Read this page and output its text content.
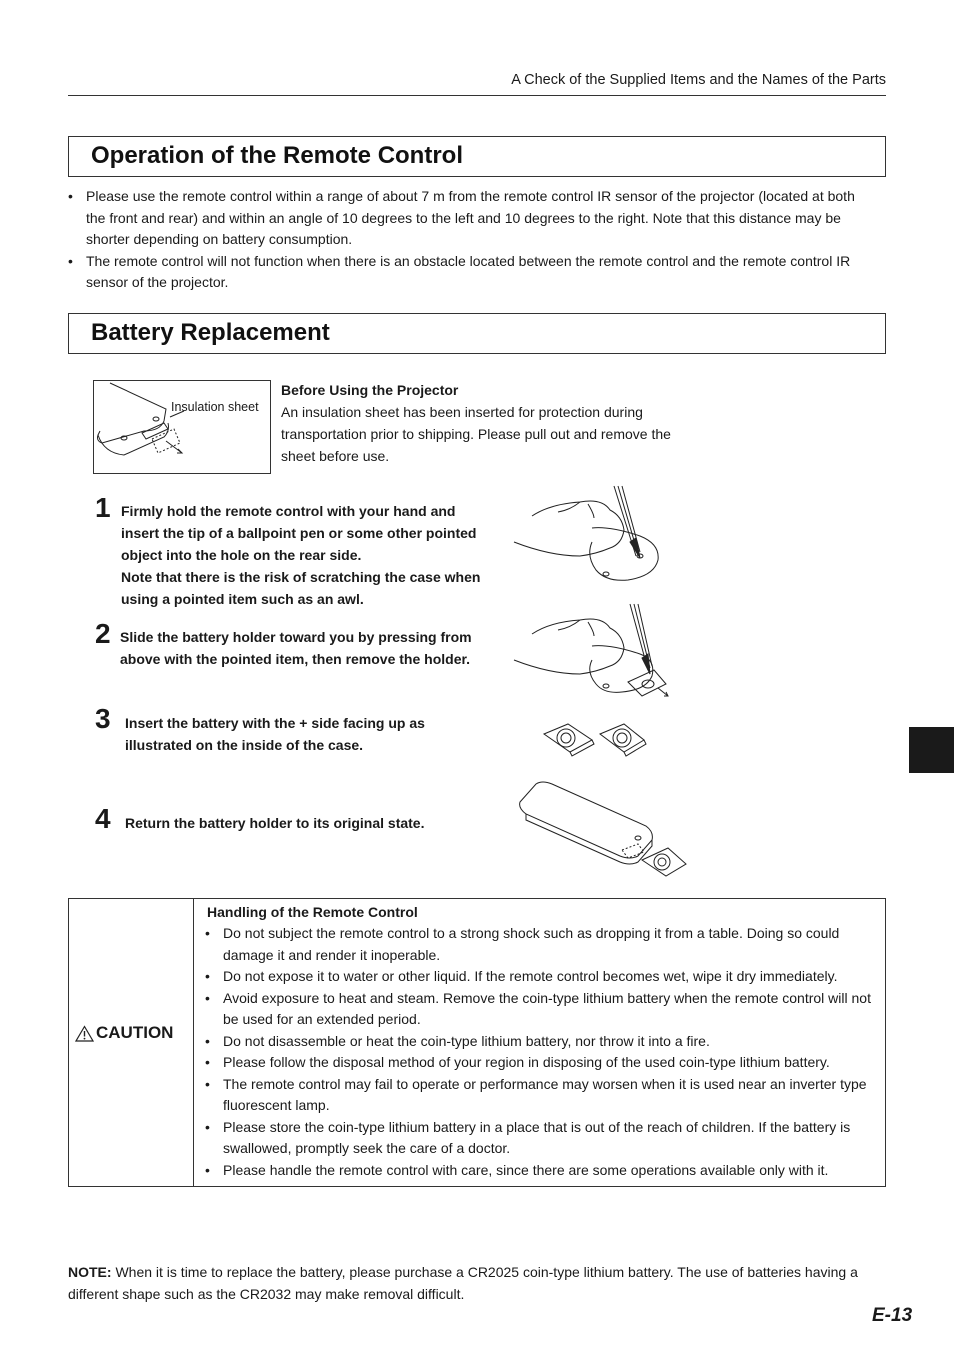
A Check of the Supplied Items and the Names of the Parts
Operation of the Remote Control
• Please use the remote control within a range of about 7 m from the remote control IR sensor of the projector (located at both the front and rear) and within an angle of 10 degrees to the left and 10 degrees to the right. Note that this distance may be shorter depending on battery consumption.
• The remote control will not function when there is an obstacle located between the remote control and the remote control IR sensor of the projector.
Battery Replacement
Insulation sheet
Before Using the Projector
An insulation sheet has been inserted for protection during transportation prior to shipping. Please pull out and remove the sheet before use.
1 Firmly hold the remote control with your hand and insert the tip of a ballpoint pen or some other pointed object into the hole on the rear side.
Note that there is the risk of scratching the case when using a pointed item such as an awl.
2 Slide the battery holder toward you by pressing from above with the pointed item, then remove the holder.
3 Insert the battery with the + side facing up as illustrated on the inside of the case.
4 Return the battery holder to its original state.
CAUTION
Handling of the Remote Control
• Do not subject the remote control to a strong shock such as dropping it from a table. Doing so could damage it and render it inoperable.
• Do not expose it to water or other liquid. If the remote control becomes wet, wipe it dry immediately.
• Avoid exposure to heat and steam. Remove the coin-type lithium battery when the remote control will not be used for an extended period.
• Do not disassemble or heat the coin-type lithium battery, nor throw it into a fire.
• Please follow the disposal method of your region in disposing of the used coin-type lithium battery.
• The remote control may fail to operate or performance may worsen when it is used near an inverter type fluorescent lamp.
• Please store the coin-type lithium battery in a place that is out of the reach of children. If the battery is swallowed, promptly seek the care of a doctor.
• Please handle the remote control with care, since there are some operations available only with it.
NOTE: When it is time to replace the battery, please purchase a CR2025 coin-type lithium battery. The use of batteries having a different shape such as the CR2032 may make removal difficult.
E-13
